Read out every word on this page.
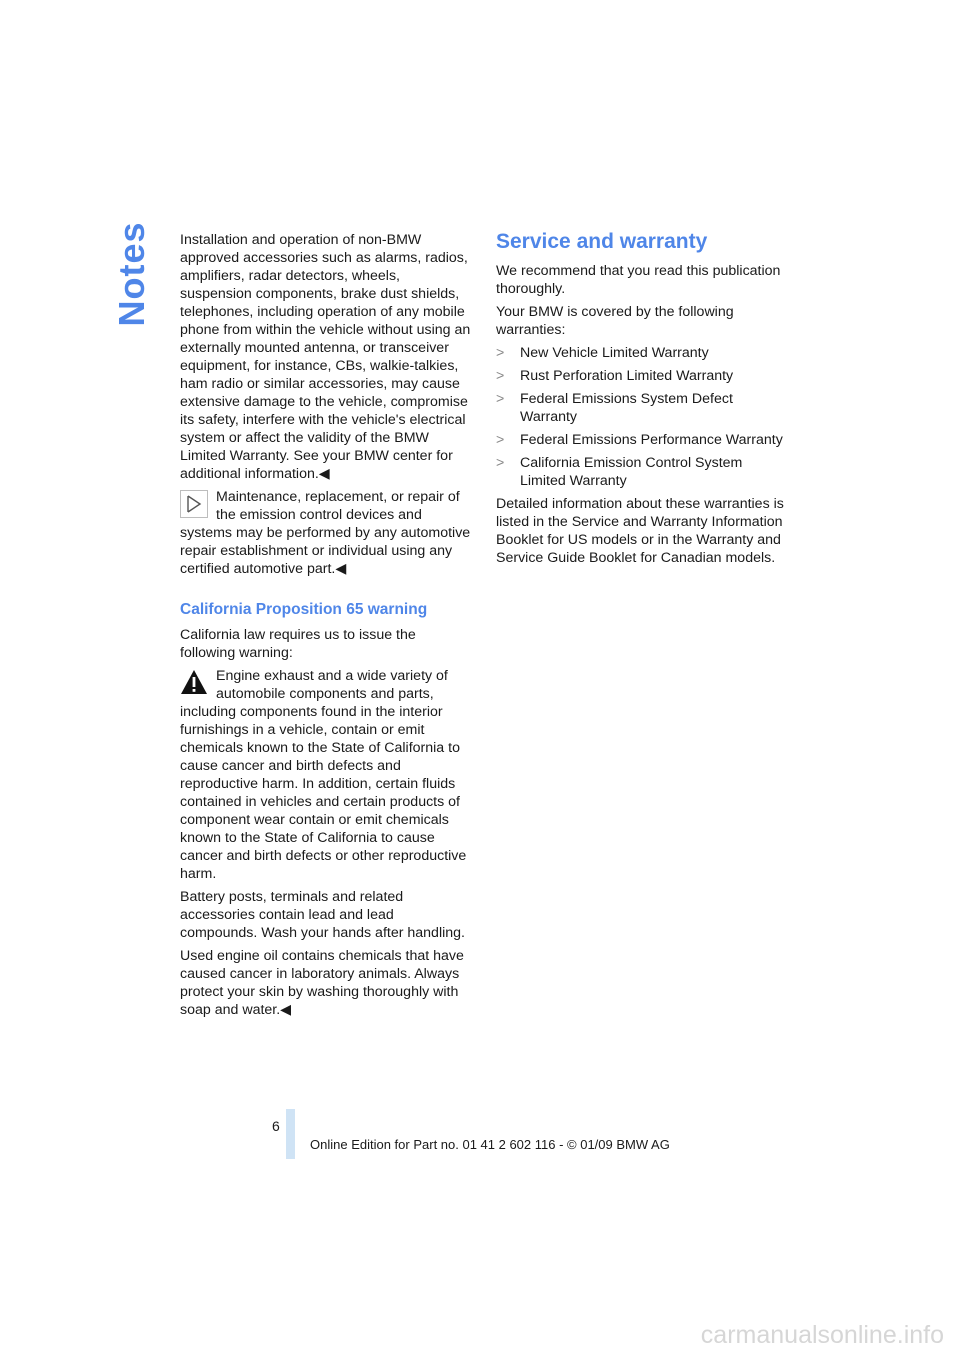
Notes Installation and operation of non-BMW approved accessories such as alarms, radios, amplifiers, radar detectors, wheels, suspension components, brake dust shields, telephones, including operation of any mobile phone from within the vehicle without using an externally mounted antenna, or transceiver equipment, for instance, CBs, walkie-talkies, ham radio or similar accessories, may cause extensive damage to the vehicle, compromise its safety, interfere with the vehicle's electrical system or affect the validity of the BMW Limited Warranty. See your BMW center for additional information.◀

Maintenance, replacement, or repair of the emission control devices and systems may be performed by any automotive repair establishment or individual using any certified automotive part.◀

California Proposition 65 warning

California law requires us to issue the following warning:

Engine exhaust and a wide variety of automobile components and parts, including components found in the interior furnishings in a vehicle, contain or emit chemicals known to the State of California to cause cancer and birth defects and reproductive harm. In addition, certain fluids contained in vehicles and certain products of component wear contain or emit chemicals known to the State of California to cause cancer and birth defects or other reproductive harm.

Battery posts, terminals and related accessories contain lead and lead compounds. Wash your hands after handling.

Used engine oil contains chemicals that have caused cancer in laboratory animals. Always protect your skin by washing thoroughly with soap and water.◀

Service and warranty

We recommend that you read this publication thoroughly.

Your BMW is covered by the following warranties:

> New Vehicle Limited Warranty
> Rust Perforation Limited Warranty
> Federal Emissions System Defect Warranty
> Federal Emissions Performance Warranty
> California Emission Control System Limited Warranty

Detailed information about these warranties is listed in the Service and Warranty Information Booklet for US models or in the Warranty and Service Guide Booklet for Canadian models.

6
Online Edition for Part no. 01 41 2 602 116 - © 01/09 BMW AG
carmanualsonline.info
